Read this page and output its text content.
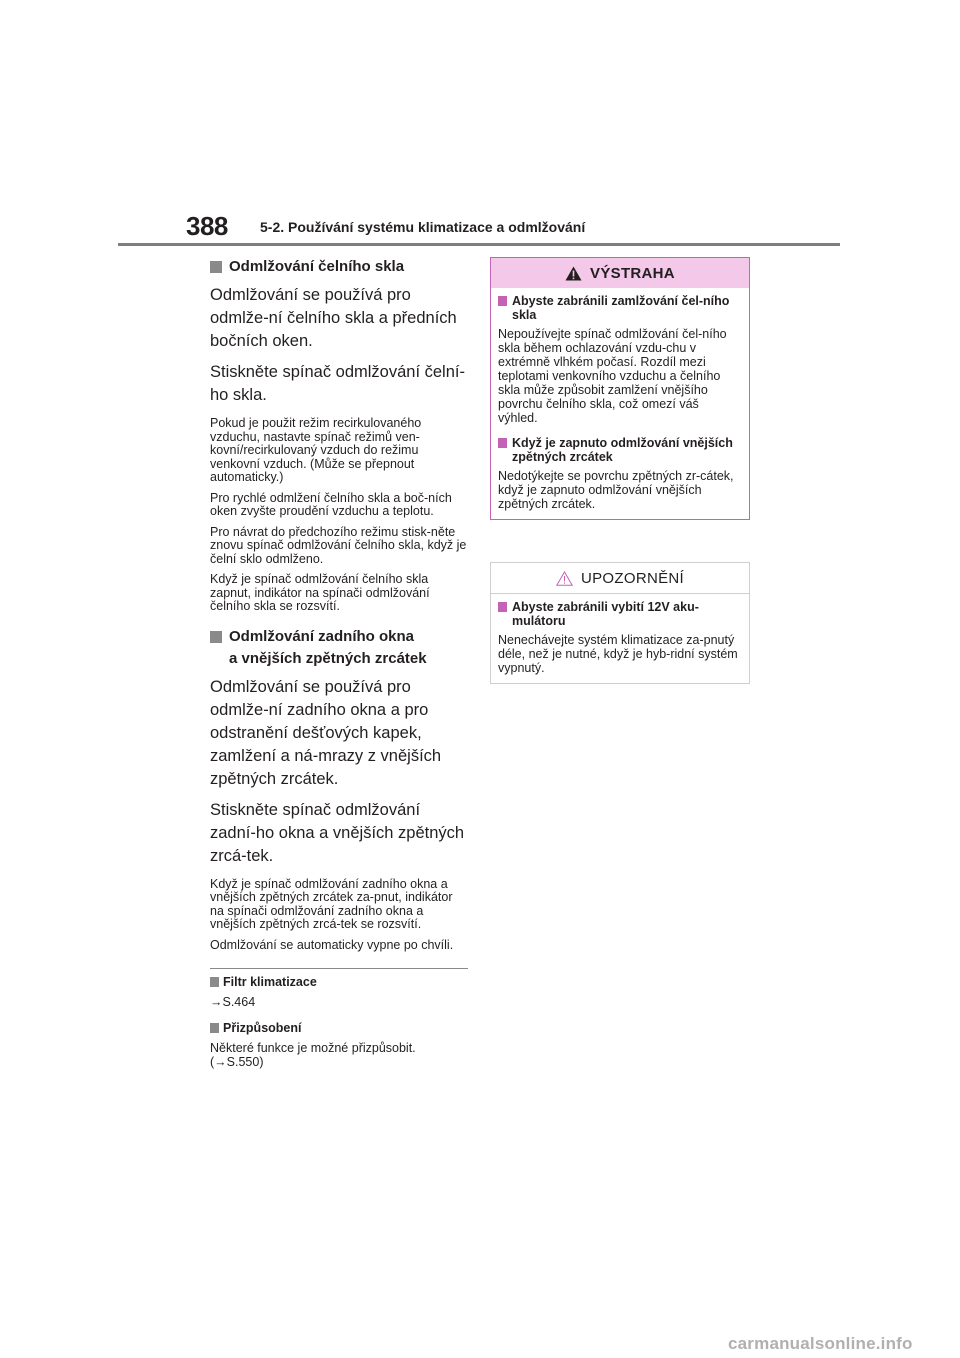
388 5-2. Používání systému klimatizace a odmlžování
Odmlžování čelního skla

Odmlžování se používá pro odmlže-ní čelního skla a předních bočních oken.

Stiskněte spínač odmlžování čelní-ho skla.

Pokud je použit režim recirkulovaného vzduchu, nastavte spínač režimů ven-kovní/recirkulovaný vzduch do režimu venkovní vzduch. (Může se přepnout automaticky.)

Pro rychlé odmlžení čelního skla a boč-ních oken zvyšte proudění vzduchu a teplotu.

Pro návrat do předchozího režimu stisk-něte znovu spínač odmlžování čelního skla, když je čelní sklo odmlženo.

Když je spínač odmlžování čelního skla zapnut, indikátor na spínači odmlžování čelního skla se rozsvítí.

Odmlžování zadního okna
a vnějších zpětných zrcátek

Odmlžování se používá pro odmlže-ní zadního okna a pro odstranění dešťových kapek, zamlžení a ná-mrazy z vnějších zpětných zrcátek.

Stiskněte spínač odmlžování zadní-ho okna a vnějších zpětných zrcá-tek.

Když je spínač odmlžování zadního okna a vnějších zpětných zrcátek za-pnut, indikátor na spínači odmlžování zadního okna a vnějších zpětných zrcá-tek se rozsvítí.

Odmlžování se automaticky vypne po chvíli.

Filtr klimatizace
→S.464
Přizpůsobení
Některé funkce je možné přizpůsobit. (→S.550)
VÝSTRAHA
Abyste zabránili zamlžování čel-ního skla

Nepoužívejte spínač odmlžování čel-ního skla během ochlazování vzdu-chu v extrémně vlhkém počasí. Rozdíl mezi teplotami venkovního vzduchu a čelního skla může způsobit zamlžení vnějšího povrchu čelního skla, což omezí váš výhled.

Když je zapnuto odmlžování vnějších zpětných zrcátek

Nedotýkejte se povrchu zpětných zr-cátek, když je zapnuto odmlžování vnějších zpětných zrcátek.

UPOZORNĚNÍ
Abyste zabránili vybití 12V aku-mulátoru

Nenechávejte systém klimatizace za-pnutý déle, než je nutné, když je hyb-ridní systém vypnutý.

carmanualsonline.info
